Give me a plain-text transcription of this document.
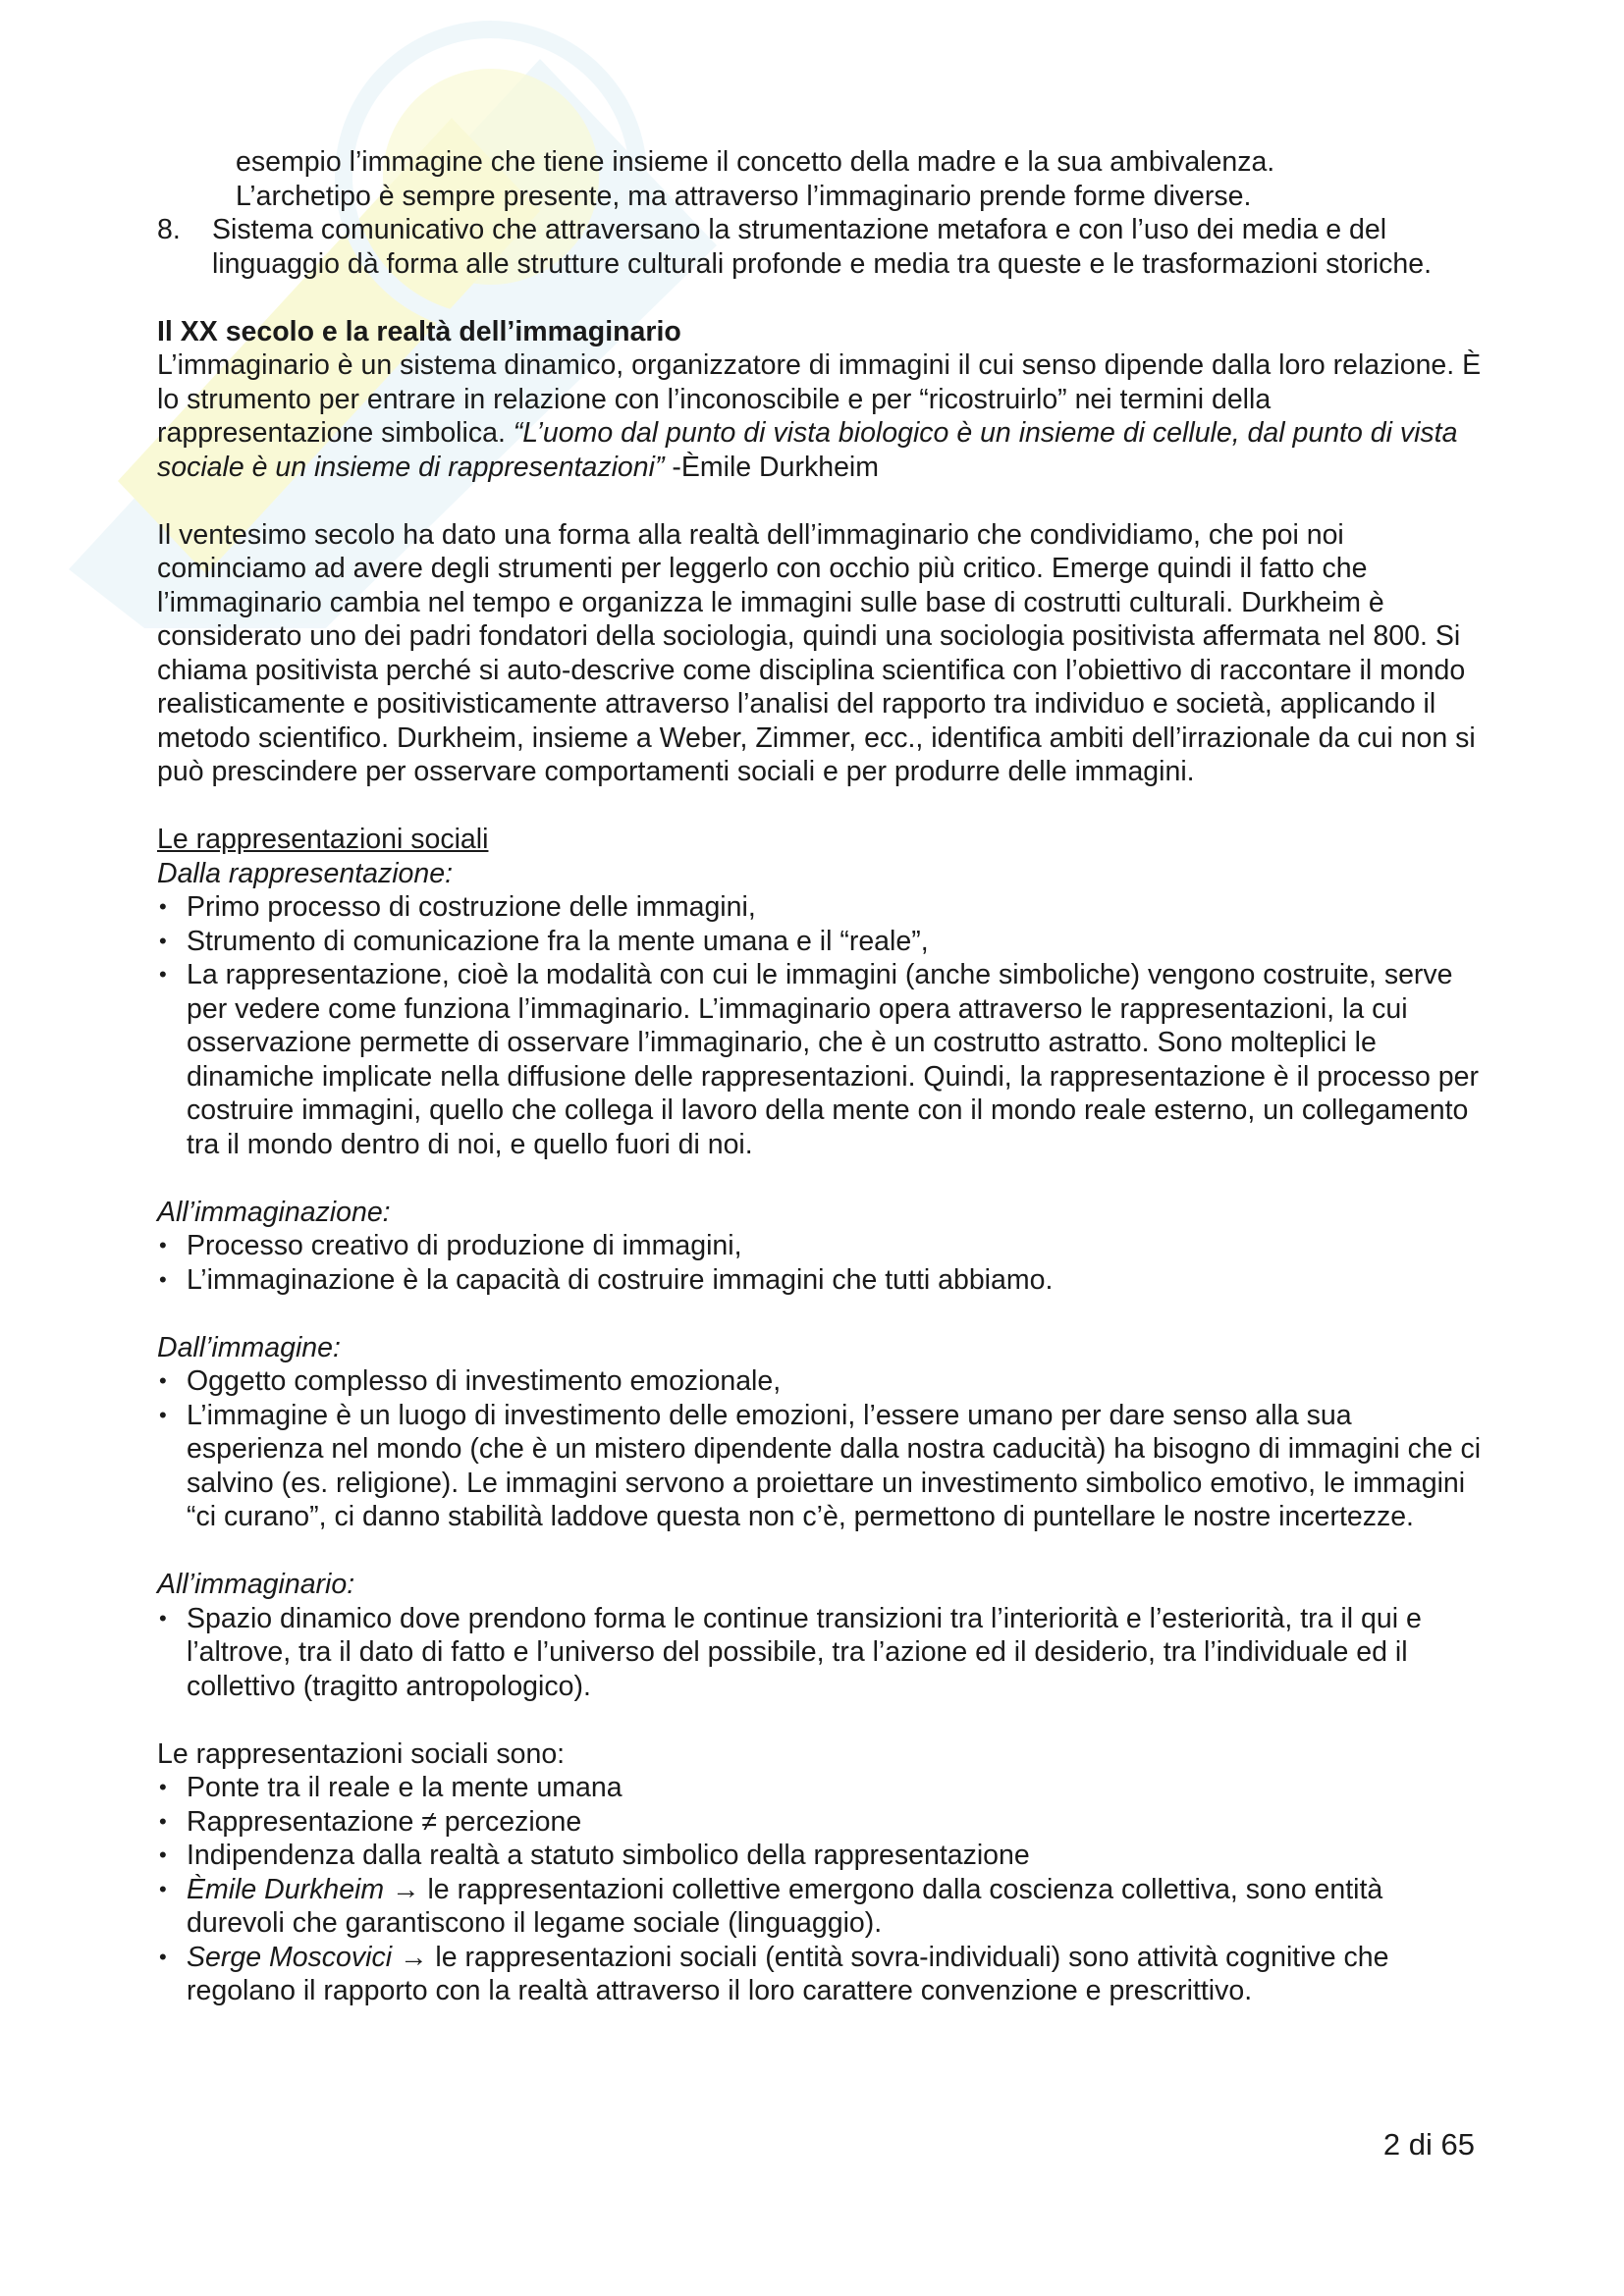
esempio l’immagine che tiene insieme il concetto della madre e la sua ambivalenza.

L’archetipo è sempre presente, ma attraverso l’immaginario prende forme diverse.

8.	Sistema comunicativo che attraversano la strumentazione metafora e con l’uso dei media e del linguaggio dà forma alle strutture culturali profonde e media tra queste e le trasformazioni storiche.

Il XX secolo e la realtà dell’immaginario

L’immaginario è un sistema dinamico, organizzatore di immagini il cui senso dipende dalla loro relazione. È lo strumento per entrare in relazione con l’inconoscibile e per “ricostruirlo” nei termini della rappresentazione simbolica. “L’uomo dal punto di vista biologico è un insieme di cellule, dal punto di vista sociale è un insieme di rappresentazioni” -Èmile Durkheim

Il ventesimo secolo ha dato una forma alla realtà dell’immaginario che condividiamo, che poi noi cominciamo ad avere degli strumenti per leggerlo con occhio più critico. Emerge quindi il fatto che l’immaginario cambia nel tempo e organizza le immagini sulle base di costrutti culturali. Durkheim è considerato uno dei padri fondatori della sociologia, quindi una sociologia positivista affermata nel 800. Si chiama positivista perché si auto-descrive come disciplina scientifica con l’obiettivo di raccontare il mondo realisticamente e positivisticamente attraverso l’analisi del rapporto tra individuo e società, applicando il metodo scientifico. Durkheim, insieme a Weber, Zimmer, ecc., identifica ambiti dell’irrazionale da cui non si può prescindere per osservare comportamenti sociali e per produrre delle immagini.

Le rappresentazioni sociali

Dalla rappresentazione:

• Primo processo di costruzione delle immagini,
• Strumento di comunicazione fra la mente umana e il “reale”,
• La rappresentazione, cioè la modalità con cui le immagini (anche simboliche) vengono costruite, serve per vedere come funziona l’immaginario. L’immaginario opera attraverso le rappresentazioni, la cui osservazione permette di osservare l’immaginario, che è un costrutto astratto. Sono molteplici le dinamiche implicate nella diffusione delle rappresentazioni. Quindi, la rappresentazione è il processo per costruire immagini, quello che collega il lavoro della mente con il mondo reale esterno, un collegamento tra il mondo dentro di noi, e quello fuori di noi.

All’immaginazione:

• Processo creativo di produzione di immagini,
• L’immaginazione è la capacità di costruire immagini che tutti abbiamo.

Dall’immagine:

• Oggetto complesso di investimento emozionale,
• L’immagine è un luogo di investimento delle emozioni, l’essere umano per dare senso alla sua esperienza nel mondo (che è un mistero dipendente dalla nostra caducità) ha bisogno di immagini che ci salvino (es. religione). Le immagini servono a proiettare un investimento simbolico emotivo, le immagini “ci curano”, ci danno stabilità laddove questa non c’è, permettono di puntellare le nostre incertezze.

All’immaginario:

• Spazio dinamico dove prendono forma le continue transizioni tra l’interiorità e l’esteriorità, tra il qui e l’altrove, tra il dato di fatto e l’universo del possibile, tra l’azione ed il desiderio, tra l’individuale ed il collettivo (tragitto antropologico).

Le rappresentazioni sociali sono:

• Ponte tra il reale e la mente umana
• Rappresentazione ≠ percezione
• Indipendenza dalla realtà a statuto simbolico della rappresentazione
• Èmile Durkheim → le rappresentazioni collettive emergono dalla coscienza collettiva, sono entità durevoli che garantiscono il legame sociale (linguaggio).
• Serge Moscovici → le rappresentazioni sociali (entità sovra-individuali) sono attività cognitive che regolano il rapporto con la realtà attraverso il loro carattere convenzione e prescrittivo.
2 di 65
